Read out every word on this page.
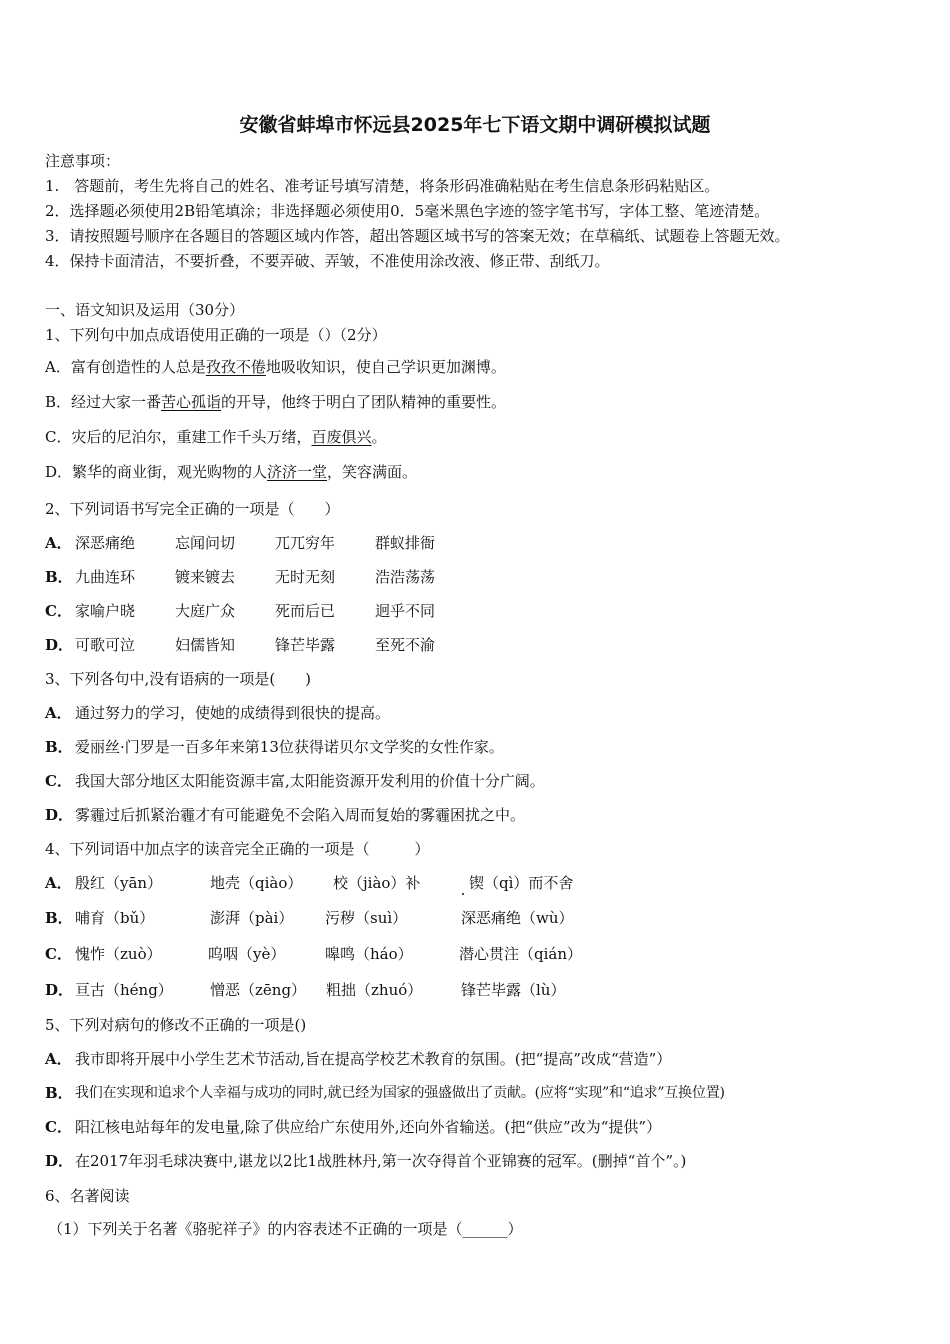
安徽省蚌埠市怀远县2025年七下语文期中调研模拟试题
注意事项：
1.　答题前，考生先将自己的姓名、准考证号填写清楚，将条形码准确粘贴在考生信息条形码粘贴区。
2．选择题必须使用2B铅笔填涂；非选择题必须使用0．5毫米黑色字迹的签字笔书写，字体工整、笔迹清楚。
3．请按照题号顺序在各题目的答题区域内作答，超出答题区域书写的答案无效；在草稿纸、试题卷上答题无效。
4．保持卡面清洁，不要折叠，不要弄破、弄皱，不准使用涂改液、修正带、刮纸刀。
一、语文知识及运用（30分）
1、下列句中加点成语使用正确的一项是（）（2分）
A．富有创造性的人总是孜孜不倦地吸收知识，使自己学识更加渊博。
B．经过大家一番苦心孤诣的开导，他终于明白了团队精神的重要性。
C．灾后的尼泊尔，重建工作千头万绪，百废俱兴。
D．繁华的商业街，观光购物的人济济一堂，笑容满面。
2、下列词语书写完全正确的一项是（　　）
A． 深恶痛绝	忘闻问切	兀兀穷年	群蚁排衙
B． 九曲连环	镀来镀去	无时无刻	浩浩荡荡
C． 家喻户晓	大庭广众	死而后已	迥乎不同
D． 可歌可泣	妇儒皆知	锋芒毕露	至死不渝
3、下列各句中,没有语病的一项是(　　)
A． 通过努力的学习，使她的成绩得到很快的提高。
B． 爱丽丝·门罗是一百多年来第13位获得诺贝尔文学奖的女性作家。
C． 我国大部分地区太阳能资源丰富,太阳能资源开发利用的价值十分广阔。
D． 雾霾过后抓紧治霾才有可能避免不会陷入周而复始的雾霾困扰之中。
4、下列词语中加点字的读音完全正确的一项是（　　　）
A． 殷红（yān）	地壳（qiào） 校（jiào）补	锲（qì）而不舍
B． 哺育（bǔ）	澎湃（pài） 污秽（suì）	深恶痛绝（wù）
C． 愧怍（zuò）	呜咽（yè）	嗥鸣（háo）	潜心贯注（qián）
D． 亘古（héng） 憎恶（zēng） 粗拙（zhuó）	锋芒毕露（lù）
5、下列对病句的修改不正确的一项是()
A． 我市即将开展中小学生艺术节活动,旨在提高学校艺术教育的氛围。(把“提高”改成“营造”）
B． 我们在实现和追求个人幸福与成功的同时,就已经为国家的强盛做出了贡献。(应将“实现”和“追求”互换位置)
C． 阳江核电站每年的发电量,除了供应给广东使用外,还向外省输送。(把“供应”改为“提供”）
D． 在2017年羽毛球决赛中,谌龙以2比1战胜林丹,第一次夺得首个亚锦赛的冠军。(删掉“首个”。)
6、名著阅读
（1）下列关于名著《骆驼祥子》的内容表述不正确的一项是（______）
